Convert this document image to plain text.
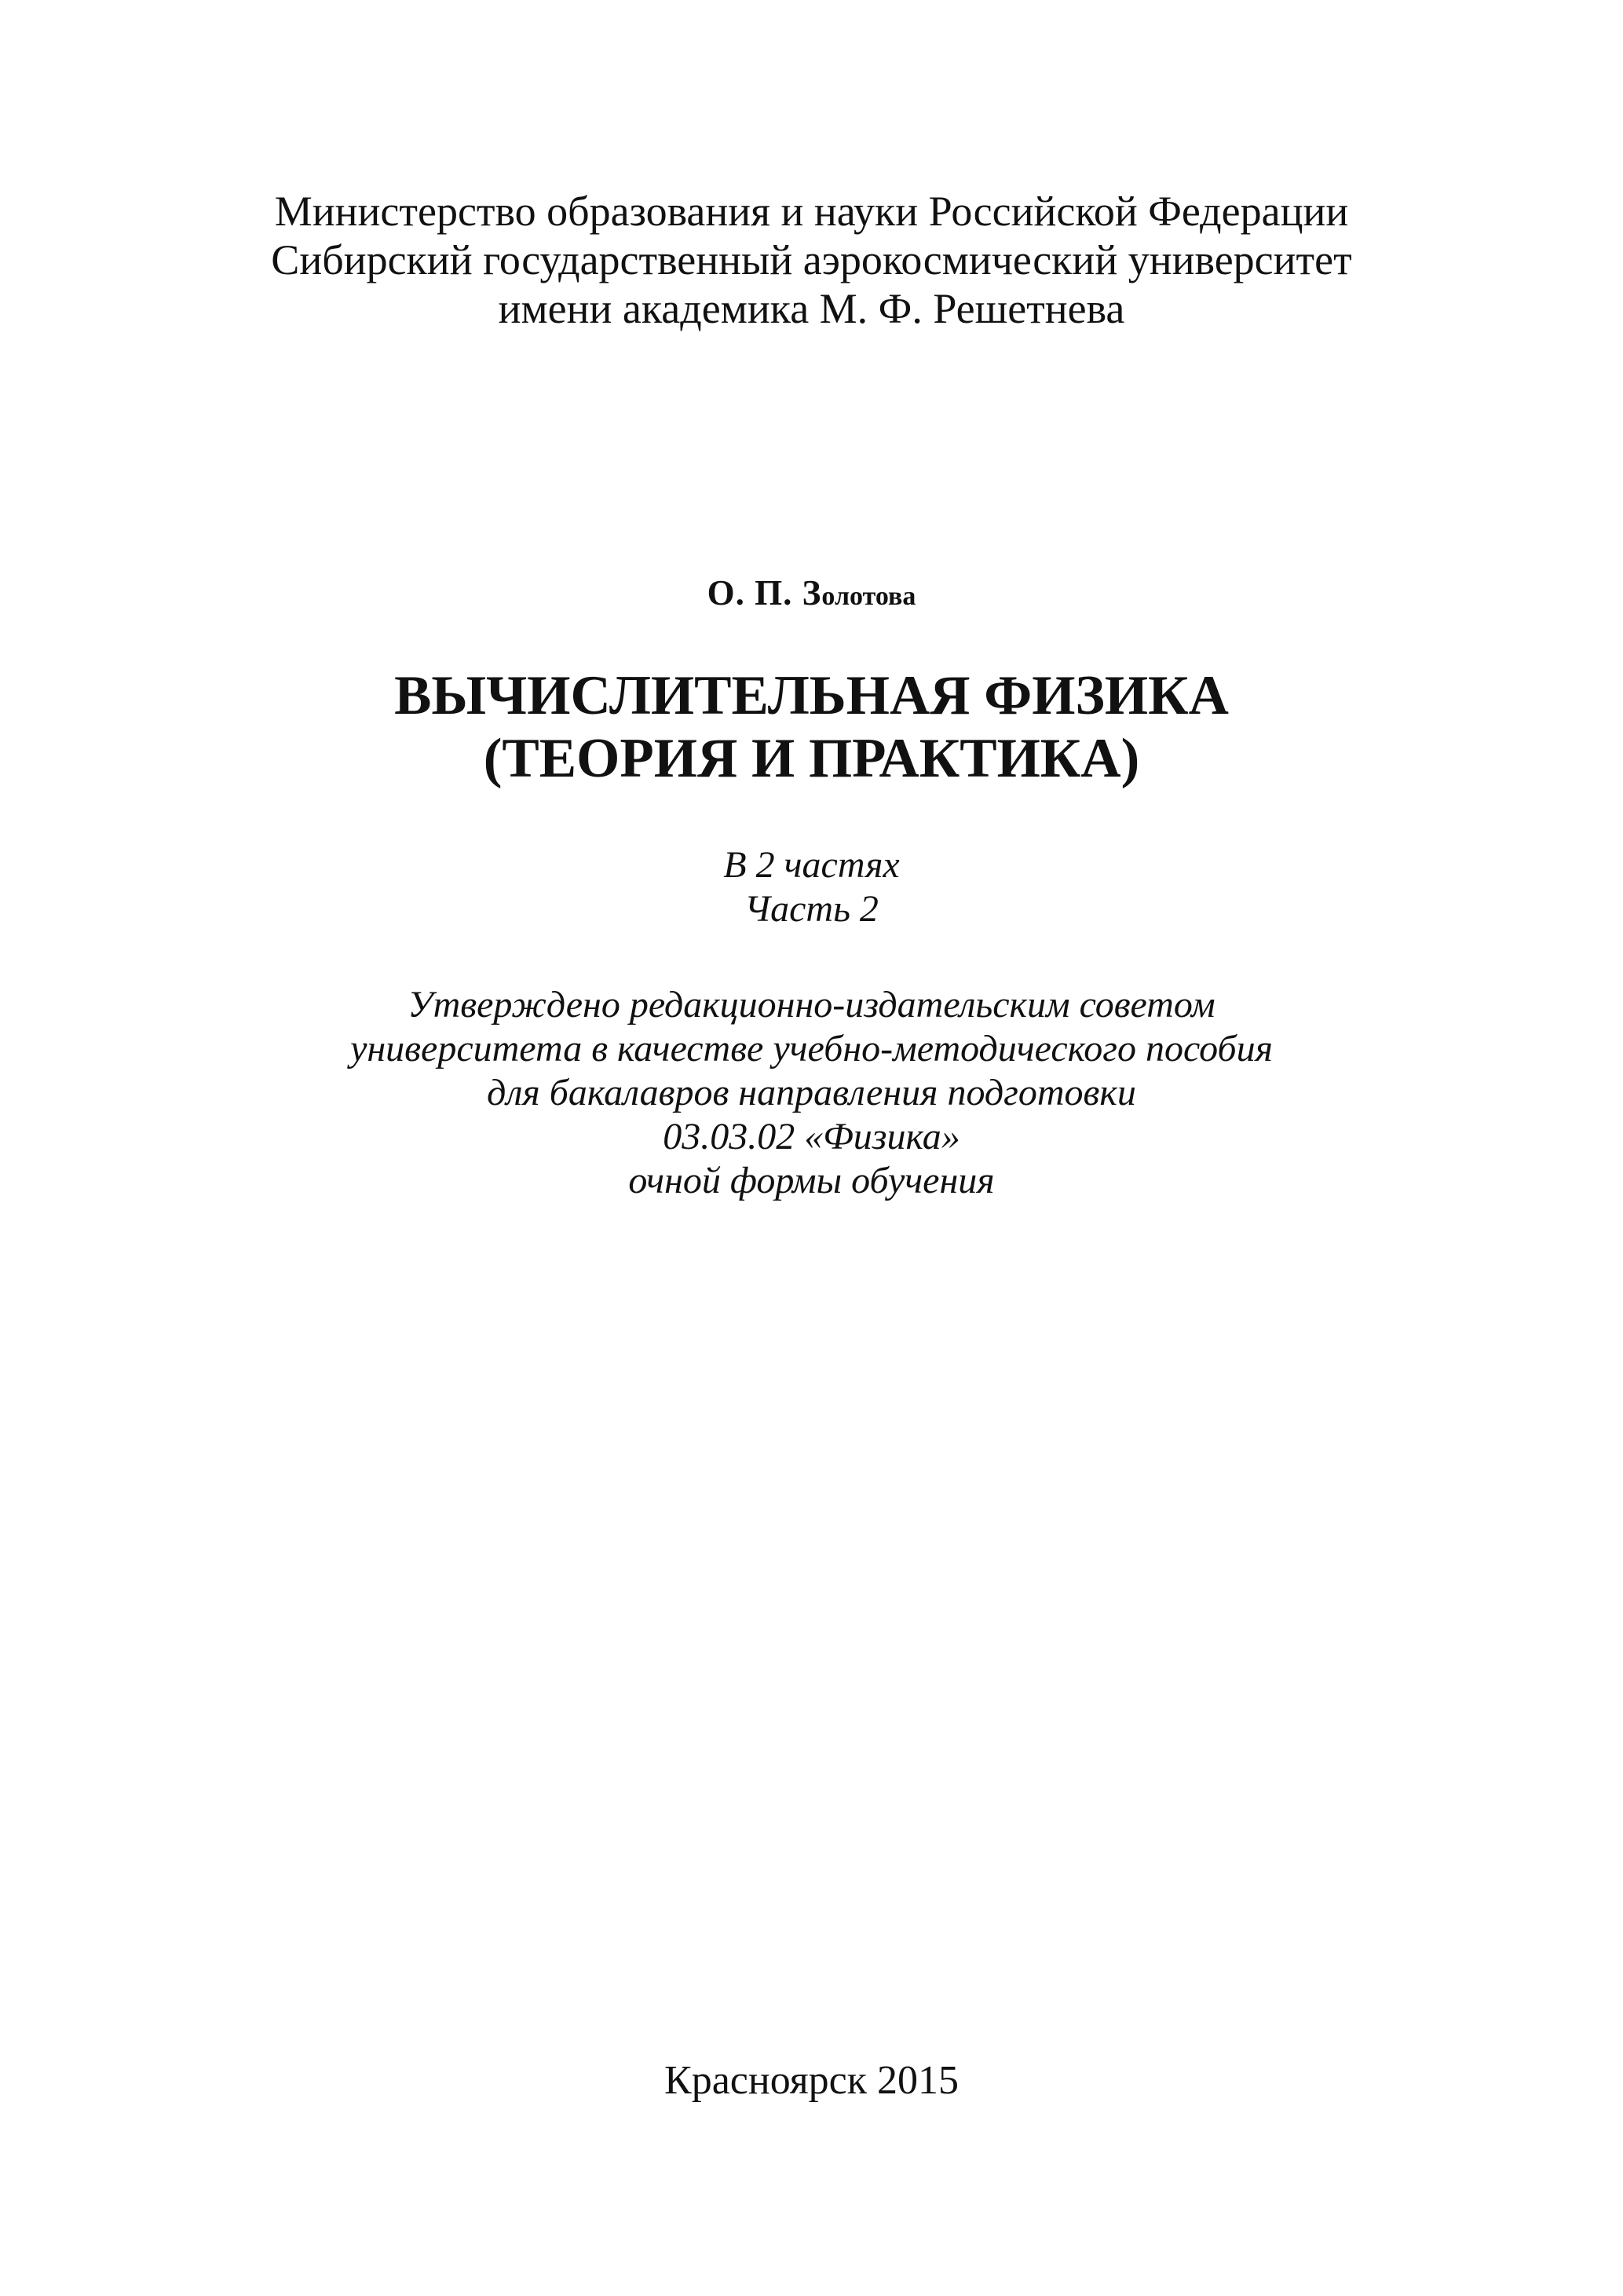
Министерство образования и науки Российской Федерации
Сибирский государственный аэрокосмический университет
имени академика М. Ф. Решетнева
О. П. Золотова
ВЫЧИСЛИТЕЛЬНАЯ ФИЗИКА
(ТЕОРИЯ И ПРАКТИКА)
В 2 частях
Часть 2
Утверждено редакционно-издательским советом
университета в качестве учебно-методического пособия
для бакалавров направления подготовки
03.03.02 «Физика»
очной формы обучения
Красноярск 2015
